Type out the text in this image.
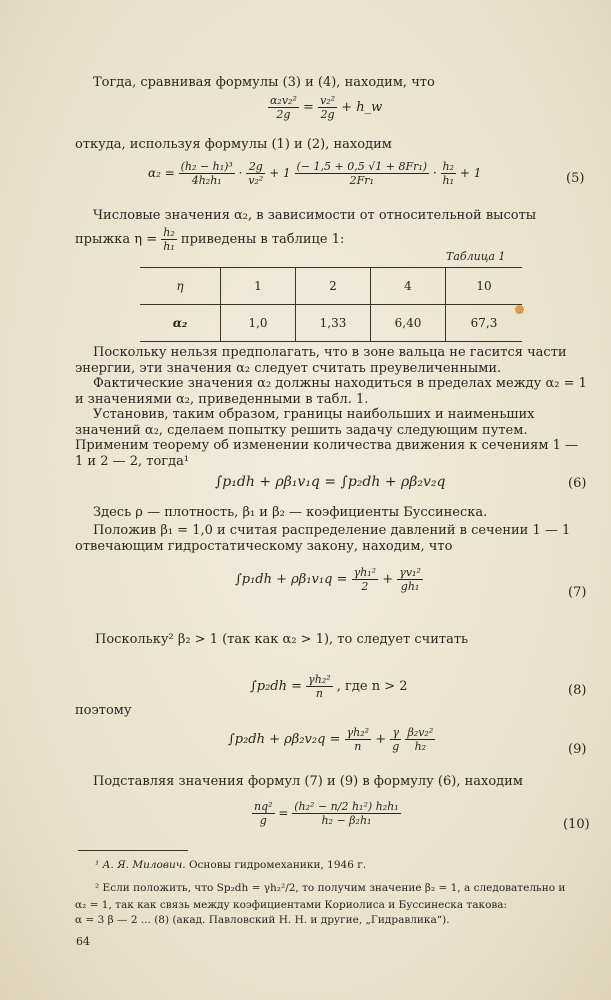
Тогда, сравнивая формулы (3) и (4), находим, что
$\frac{\text{α₂v₂²}}{2g} = \frac{\text{v₂²}}{2g}$ + h_w
откуда, используя формулы (1) и (2), находим
$\alpha_2 = \frac{\text{(h₂ − h₁)³}}{\text{4h₂h₁}} \cdot \frac{2g}{\text{v₂²}} + 1 \frac{\text{(− 1,5 + 0,5 √1 + 8Fr₁)}}{\text{2Fr₁}} \cdot \frac{\text{h₂}}{\text{h₁}} + 1$	(5)
Числовые значения α₂, в зависимости от относительной высоты
прыжка $\eta = \frac{\text{h₂}}{\text{h₁}}$ приведены в таблице 1:
Таблица 1
η	1	2	4	10
α₂	1,0	1,33	6,40	67,3
Поскольку нельзя предполагать, что в зоне вальца не гасится части энергии, эти значения α₂ следует считать преувеличенными.
Фактические значения α₂ должны находиться в пределах между α₂ = 1 и значениями α₂, приведенными в табл. 1.
Установив, таким образом, границы наибольших и наименьших значений α₂, сделаем попытку решить задачу следующим путем. Применим теорему об изменении количества движения к сечениям 1 — 1 и 2 — 2, тогда¹
∫p₁dh + ρβ₁v₁q = ∫p₂dh + ρβ₂v₂q	(6)
Здесь ρ — плотность, β₁ и β₂ — коэфициенты Буссинеска.
Положив β₁ = 1,0 и считая распределение давлений в сечении 1 — 1 отвечающим гидростатическому закону, находим, что
$\int p_1dh + \rho\beta_1v_1q = \frac{\text{γh₁²}}{2} + \frac{\text{γv₁²}}{\text{gh₁}}$	(7)
Поскольку² β₂ > 1 (так как α₂ > 1), то следует считать
$\int p_2dh = \frac{\text{γh₂²}}{n}$ , где n > 2	(8)
поэтому
$\int p_2dh + \rho\beta_2v_2q = \frac{\text{γh₂²}}{n} + \frac{\gamma}{g}$
$\frac{\text{β₂v₂²}}{\text{h₂}}$	(9)
Подставляя значения формул (7) и (9) в формулу (6), находим
$\frac{\text{nq²}}{g} = \frac{\text{(h₂² − n/2 h₁²) h₂h₁}}{\text{h₂ − β₂h₁}}$	(10)
¹ А. Я. Милович. Основы гидромеханики, 1946 г.
² Если положить, что Sp₂dh = γh₂²/2, то получим значение β₂ = 1, а следовательно и
α₂ = 1, так как связь между коэфициентами Кориолиса и Буссинеска такова:
α = 3 β — 2 ... (8) (акад. Павловский Н. Н. и другие, „Гидравлика“).
64
